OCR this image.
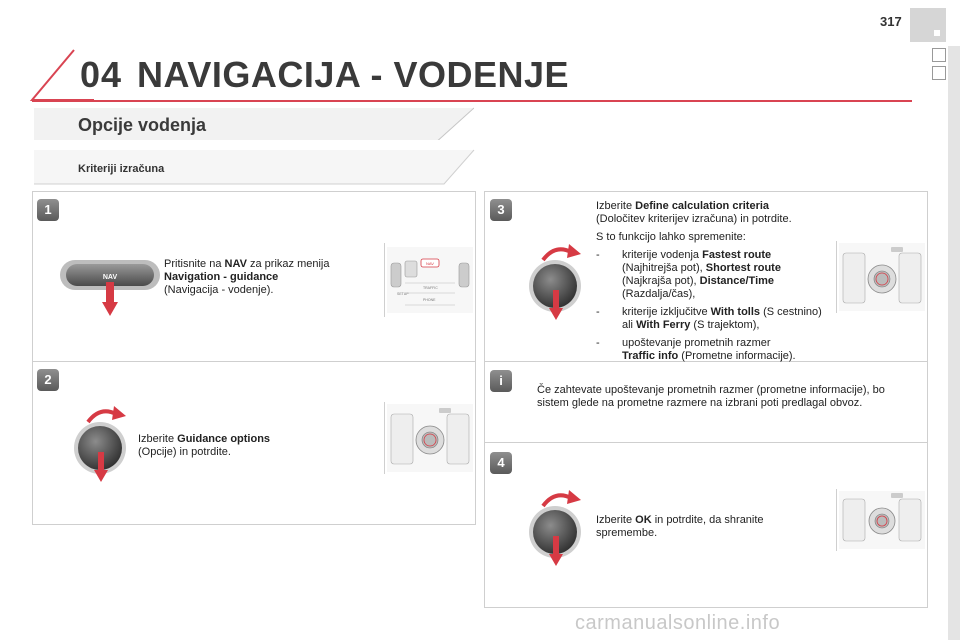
317
04 NAVIGACIJA - VODENJE
Opcije vodenja
Kriteriji izračuna
1
NAV
Pritisnite na NAV za prikaz menija
Navigation - guidance
(Navigacija - vodenje).
NAV
SETUP
TRAFFIC
PHONE
2
Izberite Guidance options
(Opcije) in potrdite.
3	Izberite Define calculation criteria
(Določitev kriterijev izračuna) in potrdite.

S to funkcijo lahko spremenite:

- kriterije vodenja Fastest route
(Najhitrejša pot), Shortest route
(Najkrajša pot), Distance/Time
(Razdalja/čas),
- kriterije izključitve With tolls (S cestnino) ali With Ferry (S trajektom),
- upoštevanje prometnih razmer
Traffic info (Prometne informacije).
i
Če zahtevate upoštevanje prometnih razmer (prometne informacije), bo sistem glede na prometne razmere na izbrani poti predlagal obvoz.
4
Izberite OK in potrdite, da shranite spremembe.
carmanualsonline.info
